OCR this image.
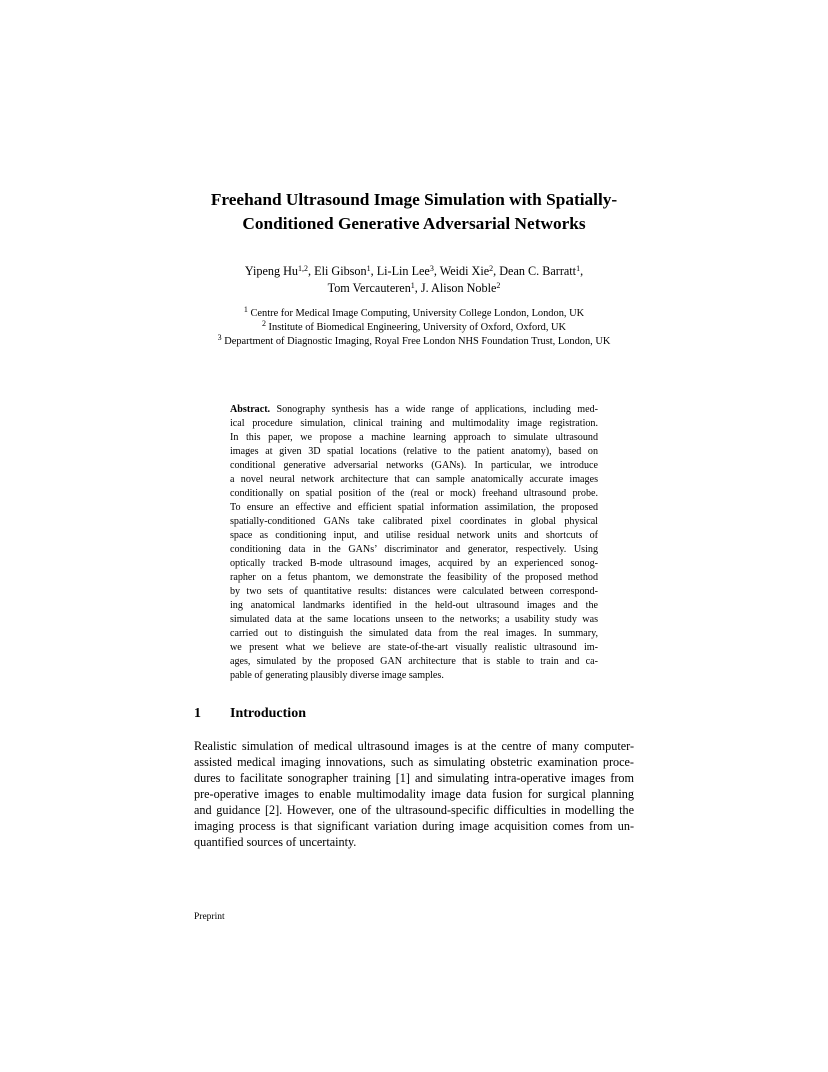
Freehand Ultrasound Image Simulation with Spatially-
Conditioned Generative Adversarial Networks
Yipeng Hu$^{1,2}$, Eli Gibson$^1$, Li-Lin Lee$^3$, Weidi Xie$^2$, Dean C. Barratt$^1$,
Tom Vercauteren$^1$, J. Alison Noble$^2$
$^1$ Centre for Medical Image Computing, University College London, London, UK
$^2$ Institute of Biomedical Engineering, University of Oxford, Oxford, UK
$^3$ Department of Diagnostic Imaging, Royal Free London NHS Foundation Trust, London, UK
Abstract. Sonography synthesis has a wide range of applications, including med-
ical procedure simulation, clinical training and multimodality image registration.
In this paper, we propose a machine learning approach to simulate ultrasound
images at given 3D spatial locations (relative to the patient anatomy), based on
conditional generative adversarial networks (GANs). In particular, we introduce
a novel neural network architecture that can sample anatomically accurate images
conditionally on spatial position of the (real or mock) freehand ultrasound probe.
To ensure an effective and efficient spatial information assimilation, the proposed
spatially-conditioned GANs take calibrated pixel coordinates in global physical
space as conditioning input, and utilise residual network units and shortcuts of
conditioning data in the GANs’ discriminator and generator, respectively. Using
optically tracked B-mode ultrasound images, acquired by an experienced sonog-
rapher on a fetus phantom, we demonstrate the feasibility of the proposed method
by two sets of quantitative results: distances were calculated between correspond-
ing anatomical landmarks identified in the held-out ultrasound images and the
simulated data at the same locations unseen to the networks; a usability study was
carried out to distinguish the simulated data from the real images. In summary,
we present what we believe are state-of-the-art visually realistic ultrasound im-
ages, simulated by the proposed GAN architecture that is stable to train and ca-
pable of generating plausibly diverse image samples.
1 Introduction
Realistic simulation of medical ultrasound images is at the centre of many computer-
assisted medical imaging innovations, such as simulating obstetric examination proce-
dures to facilitate sonographer training [1] and simulating intra-operative images from
pre-operative images to enable multimodality image data fusion for surgical planning
and guidance [2]. However, one of the ultrasound-specific difficulties in modelling the
imaging process is that significant variation during image acquisition comes from un-
quantified sources of uncertainty.
Preprint
